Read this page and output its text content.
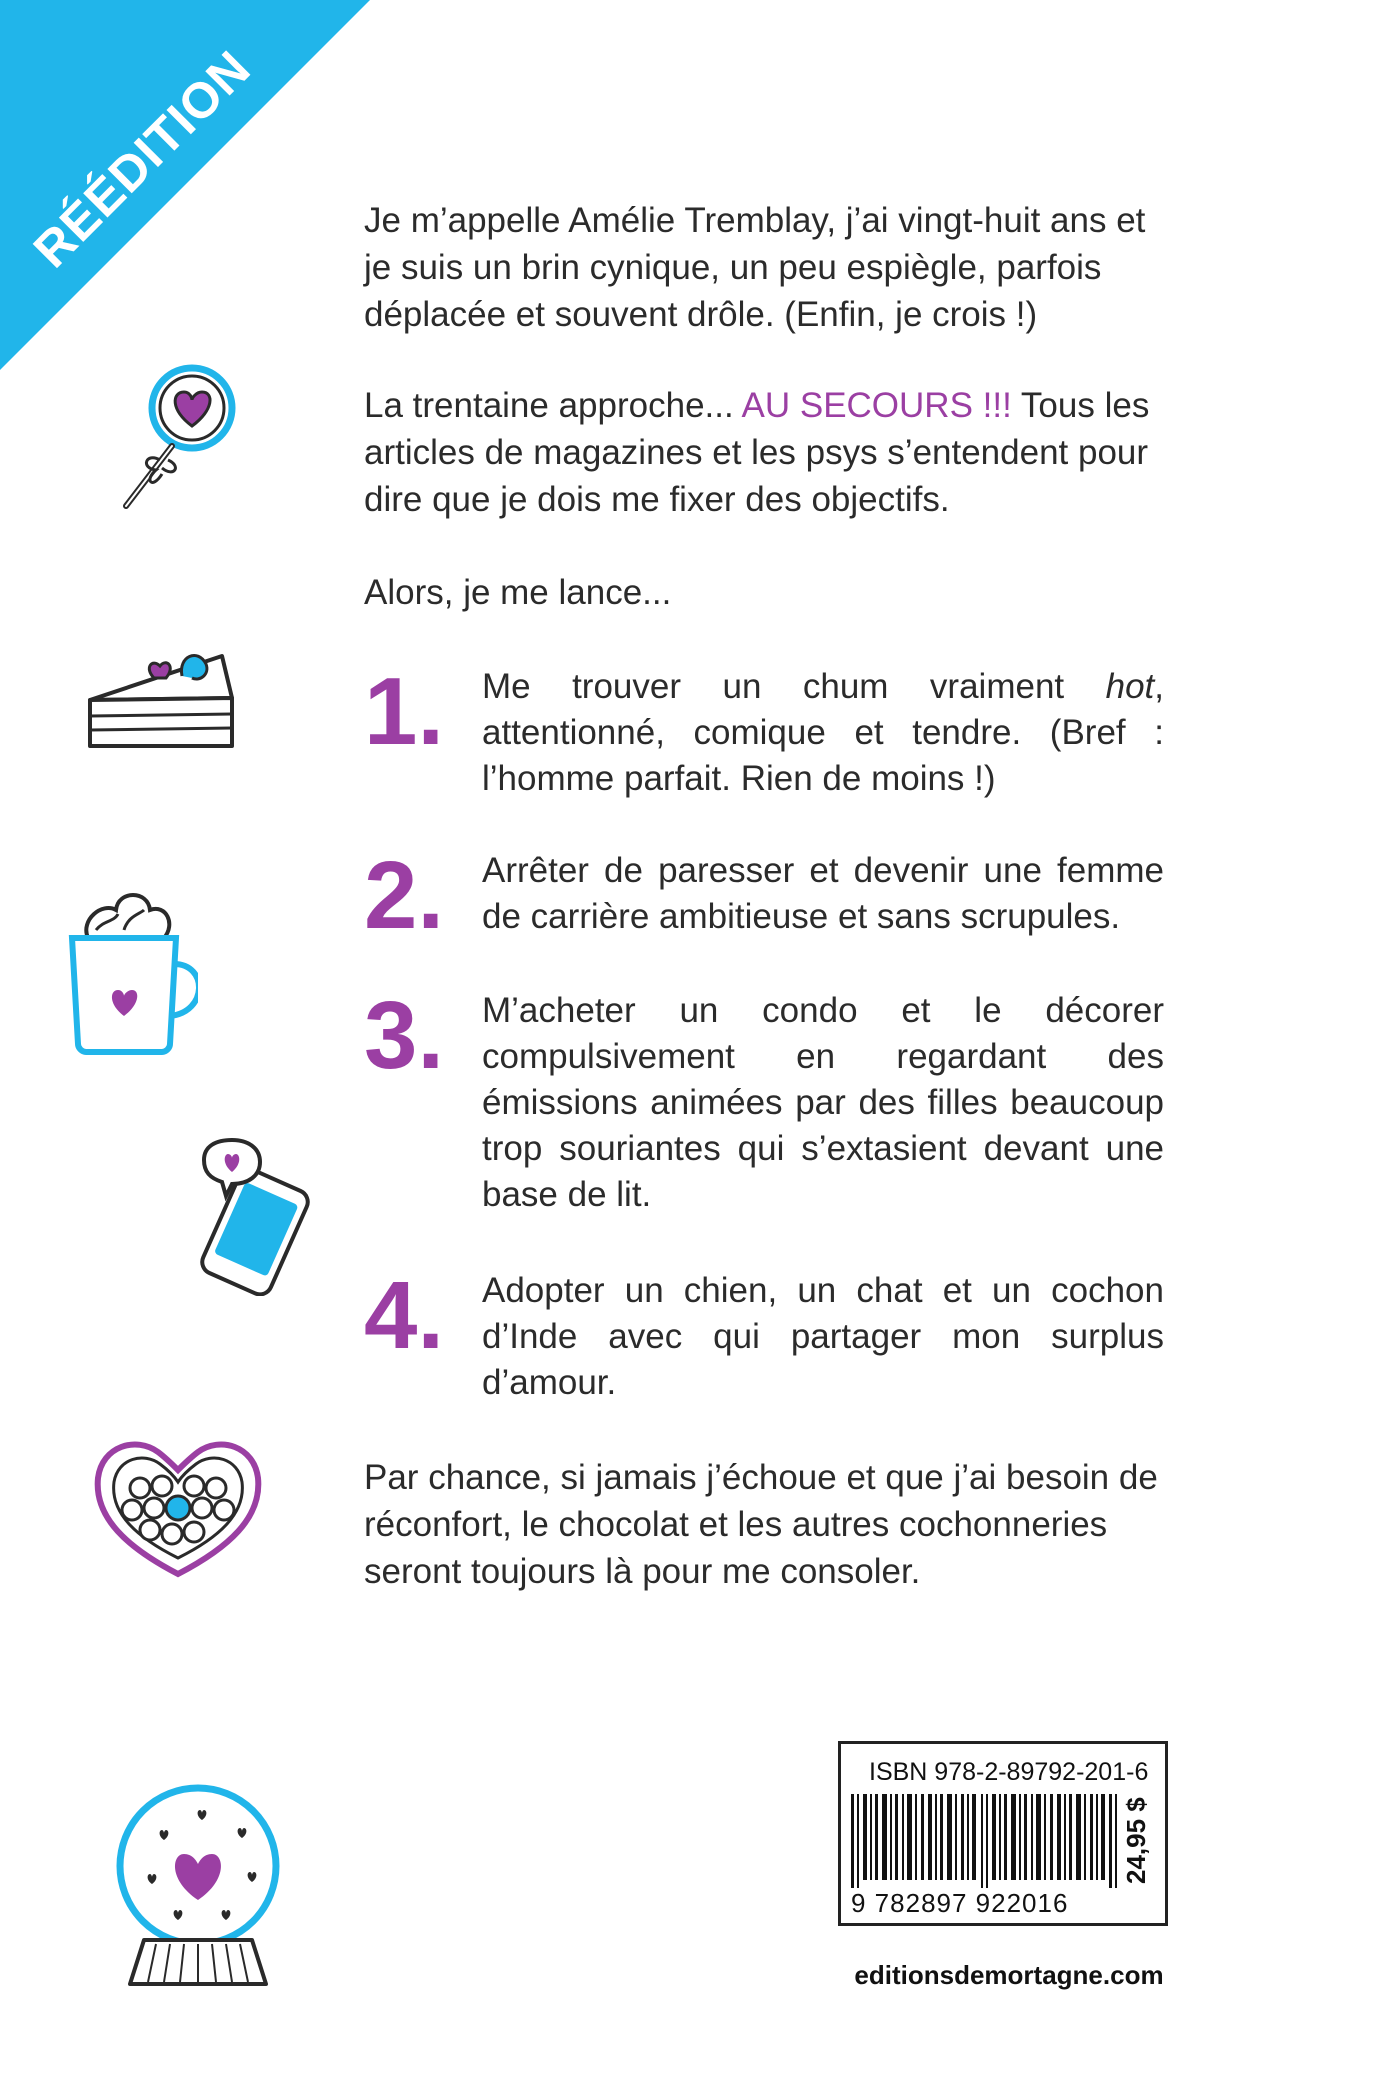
RÉÉDITION	Je m’appelle Amélie Tremblay, j’ai vingt-huit ans et je suis un brin cynique, un peu espiègle, parfois déplacée et souvent drôle. (Enfin, je crois !)
La trentaine approche... AU SECOURS !!! Tous les articles de magazines et les psys s’entendent pour dire que je dois me fixer des objectifs.
Alors, je me lance...
1. Me trouver un chum vraiment hot, attentionné, comique et tendre. (Bref : l’homme parfait. Rien de moins !)
2. Arrêter de paresser et devenir une femme de carrière ambitieuse et sans scrupules.
3. M’acheter un condo et le décorer compulsivement en regardant des émissions animées par des filles beaucoup trop souriantes qui s’extasient devant une base de lit.
4. Adopter un chien, un chat et un cochon d’Inde avec qui partager mon surplus d’amour.
Par chance, si jamais j’échoue et que j’ai besoin de réconfort, le chocolat et les autres cochonneries seront toujours là pour me consoler.
ISBN 978-2-89792-201-6
9 782897 922016
24,95 $
editionsdemortagne.com
